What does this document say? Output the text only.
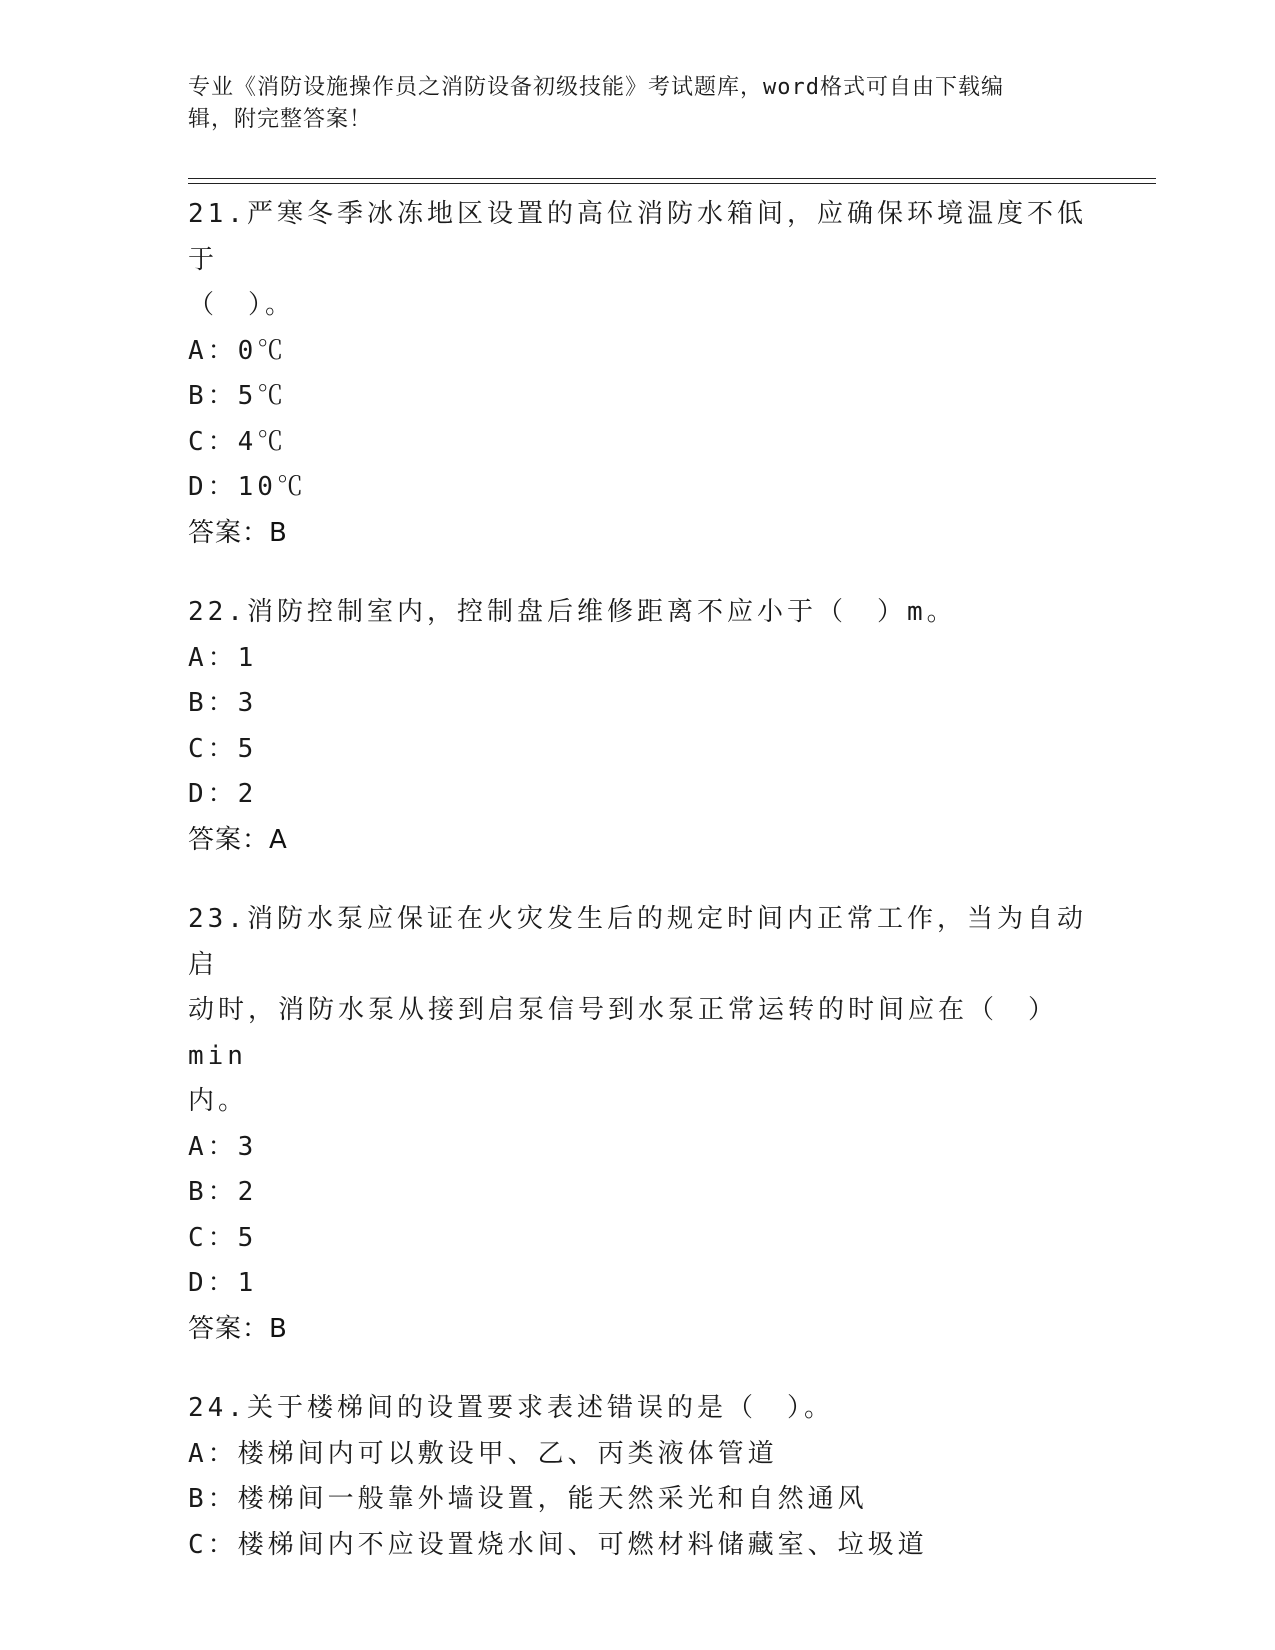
专业《消防设施操作员之消防设备初级技能》考试题库，word格式可自由下载编
辑，附完整答案！
21.严寒冬季冰冻地区设置的高位消防水箱间，应确保环境温度不低于
（　）。
A：0℃
B：5℃
C：4℃
D：10℃
答案：B
22.消防控制室内，控制盘后维修距离不应小于（　）m。
A：1
B：3
C：5
D：2
答案：A
23.消防水泵应保证在火灾发生后的规定时间内正常工作，当为自动启
动时，消防水泵从接到启泵信号到水泵正常运转的时间应在（　）min
内。
A：3
B：2
C：5
D：1
答案：B
24.关于楼梯间的设置要求表述错误的是（　）。
A：楼梯间内可以敷设甲、乙、丙类液体管道
B：楼梯间一般靠外墙设置，能天然采光和自然通风
C：楼梯间内不应设置烧水间、可燃材料储藏室、垃圾道
